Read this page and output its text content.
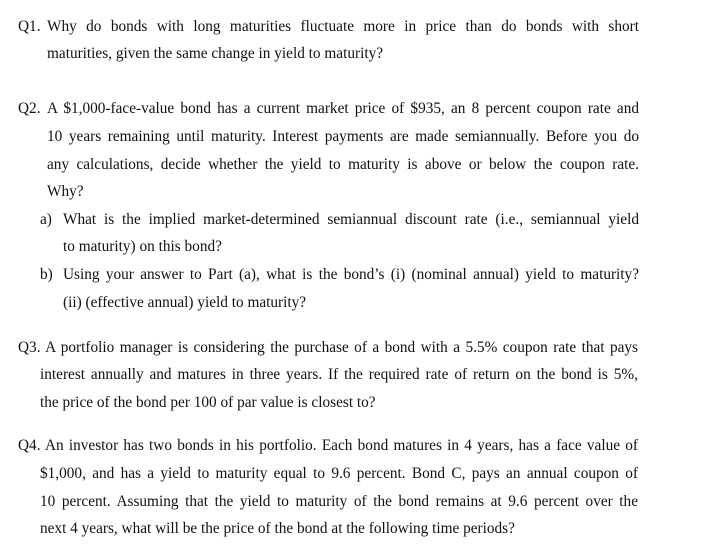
Q1. Why do bonds with long maturities fluctuate more in price than do bonds with short
maturities, given the same change in yield to maturity?
Q2. A $1,000-face-value bond has a current market price of $935, an 8 percent coupon rate and
10 years remaining until maturity. Interest payments are made semiannually. Before you do
any calculations, decide whether the yield to maturity is above or below the coupon rate.
Why?
a) What is the implied market-determined semiannual discount rate (i.e., semiannual yield
to maturity) on this bond?
b) Using your answer to Part (a), what is the bond’s (i) (nominal annual) yield to maturity?
(ii) (effective annual) yield to maturity?
Q3. A portfolio manager is considering the purchase of a bond with a 5.5% coupon rate that pays
interest annually and matures in three years. If the required rate of return on the bond is 5%,
the price of the bond per 100 of par value is closest to?
Q4. An investor has two bonds in his portfolio. Each bond matures in 4 years, has a face value of
$1,000, and has a yield to maturity equal to 9.6 percent. Bond C, pays an annual coupon of
10 percent. Assuming that the yield to maturity of the bond remains at 9.6 percent over the
next 4 years, what will be the price of the bond at the following time periods?
